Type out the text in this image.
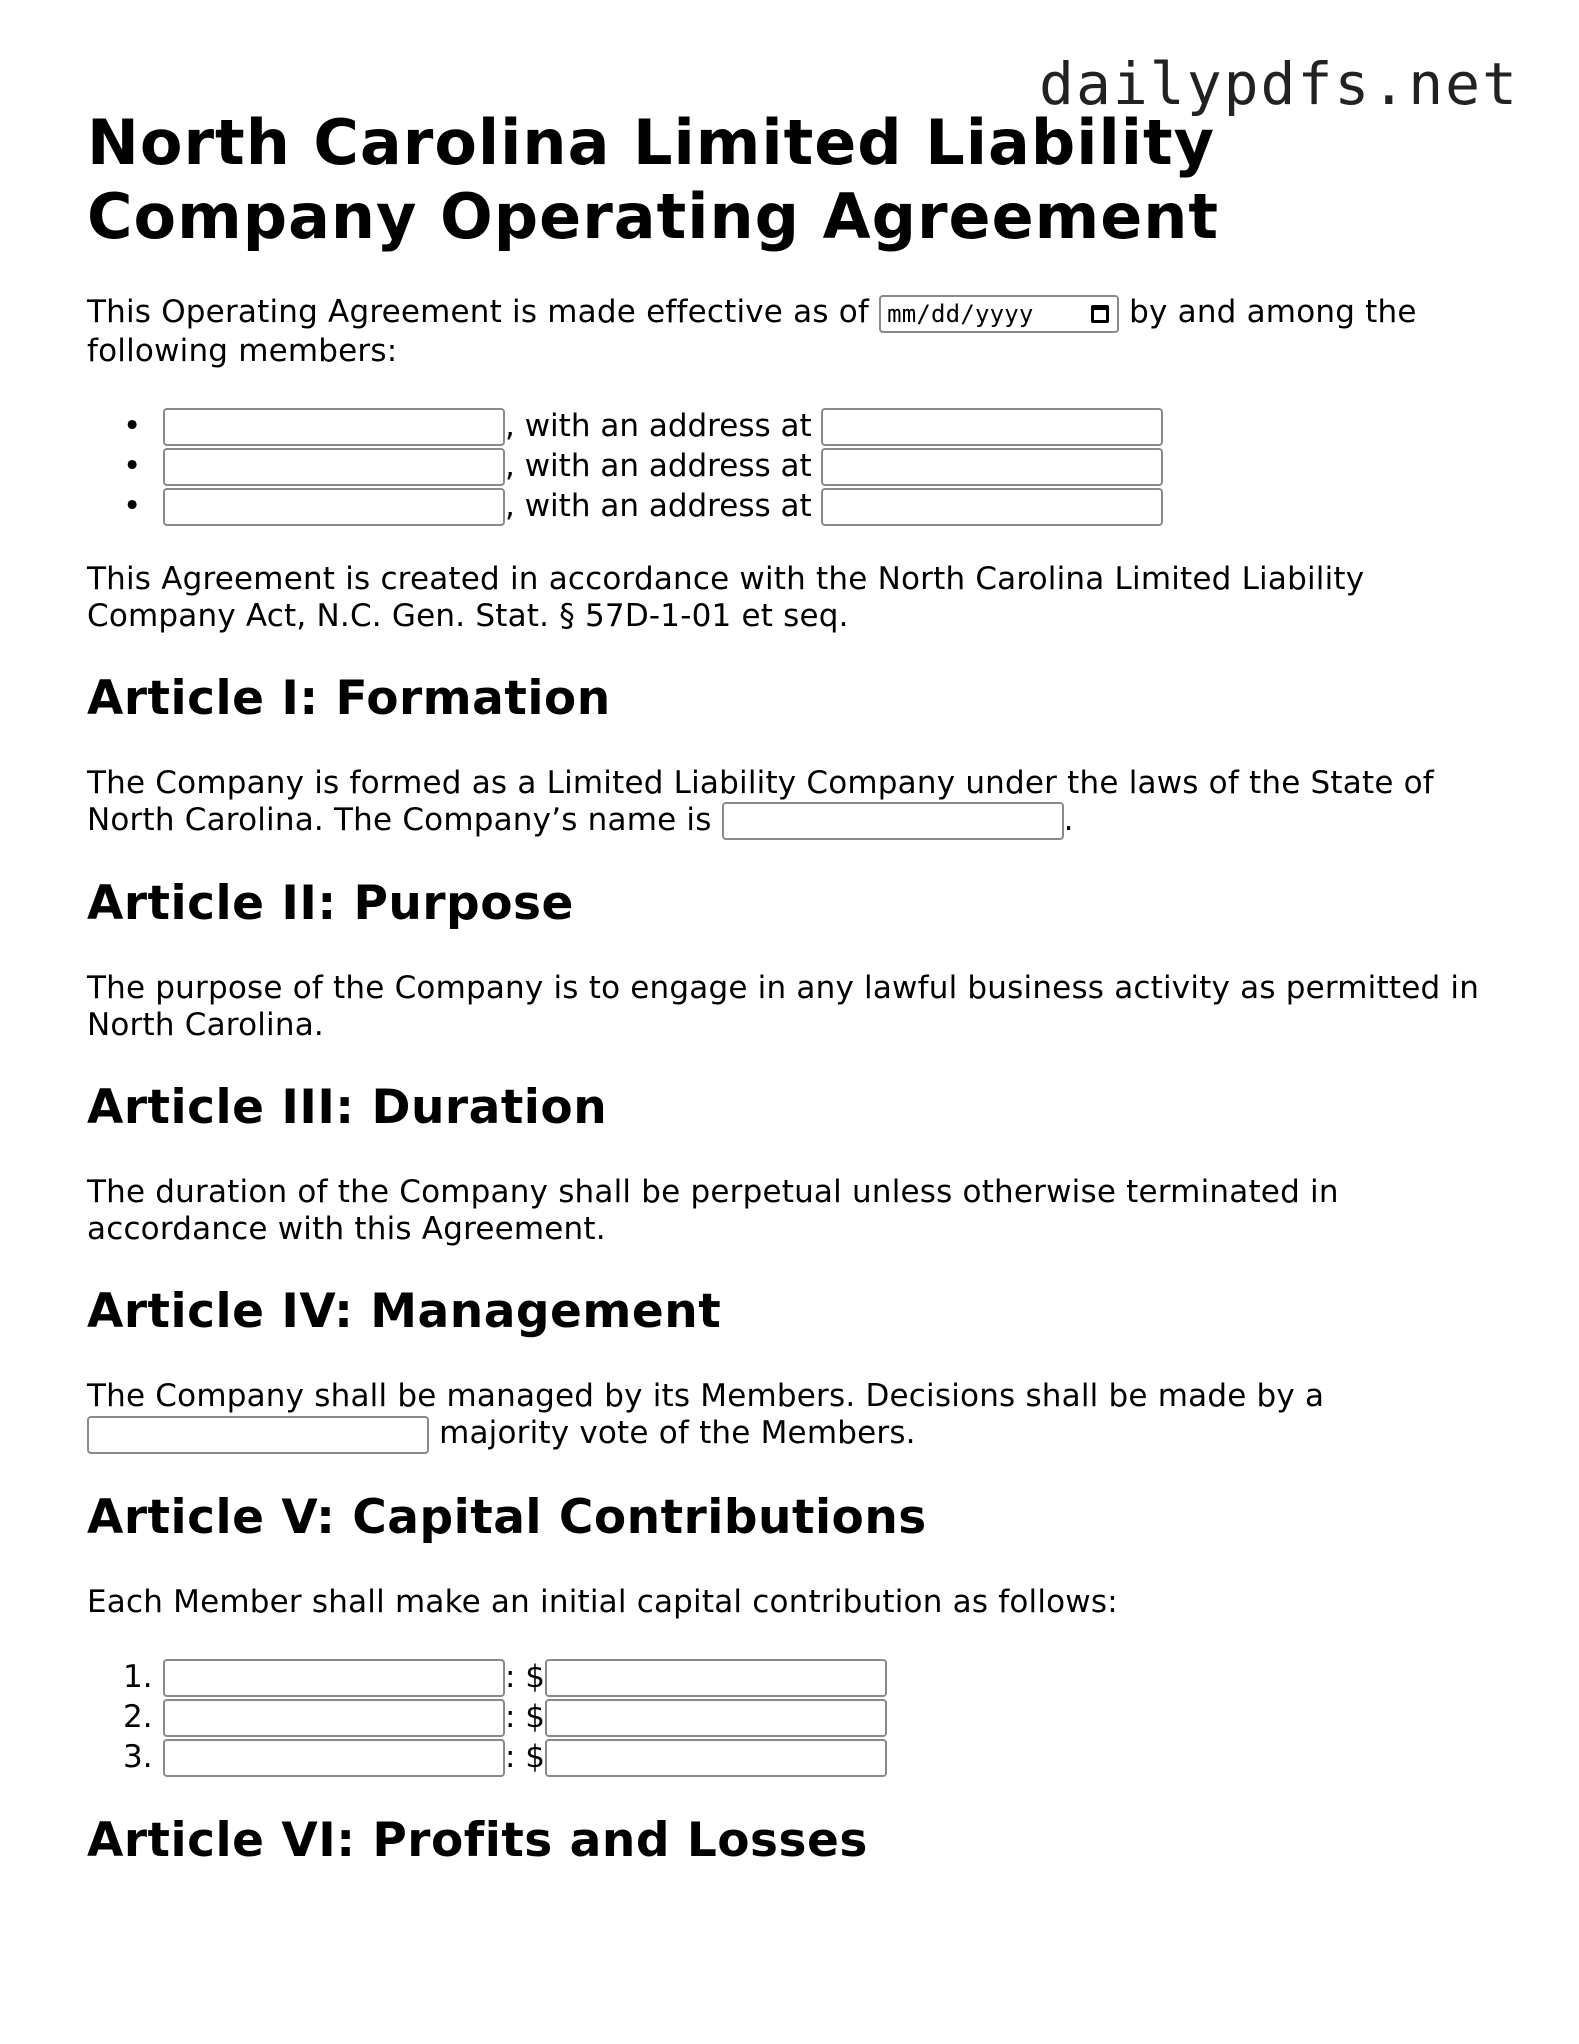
dailypdfs.net
North Carolina Limited Liability Company Operating Agreement

This Operating Agreement is made effective as of mm/dd/yyyy	by and among the following members:

•	, with an address at
•	, with an address at
•	, with an address at

This Agreement is created in accordance with the North Carolina Limited Liability Company Act, N.C. Gen. Stat. § 57D-1-01 et seq.

Article I: Formation

The Company is formed as a Limited Liability Company under the laws of the State of North Carolina. The Company’s name is	.

Article II: Purpose

The purpose of the Company is to engage in any lawful business activity as permitted in North Carolina.

Article III: Duration

The duration of the Company shall be perpetual unless otherwise terminated in accordance with this Agreement.

Article IV: Management

The Company shall be managed by its Members. Decisions shall be made by a
majority vote of the Members.

Article V: Capital Contributions

Each Member shall make an initial capital contribution as follows:

1.	: $
2.	: $
3.	: $
Article VI: Profits and Losses
